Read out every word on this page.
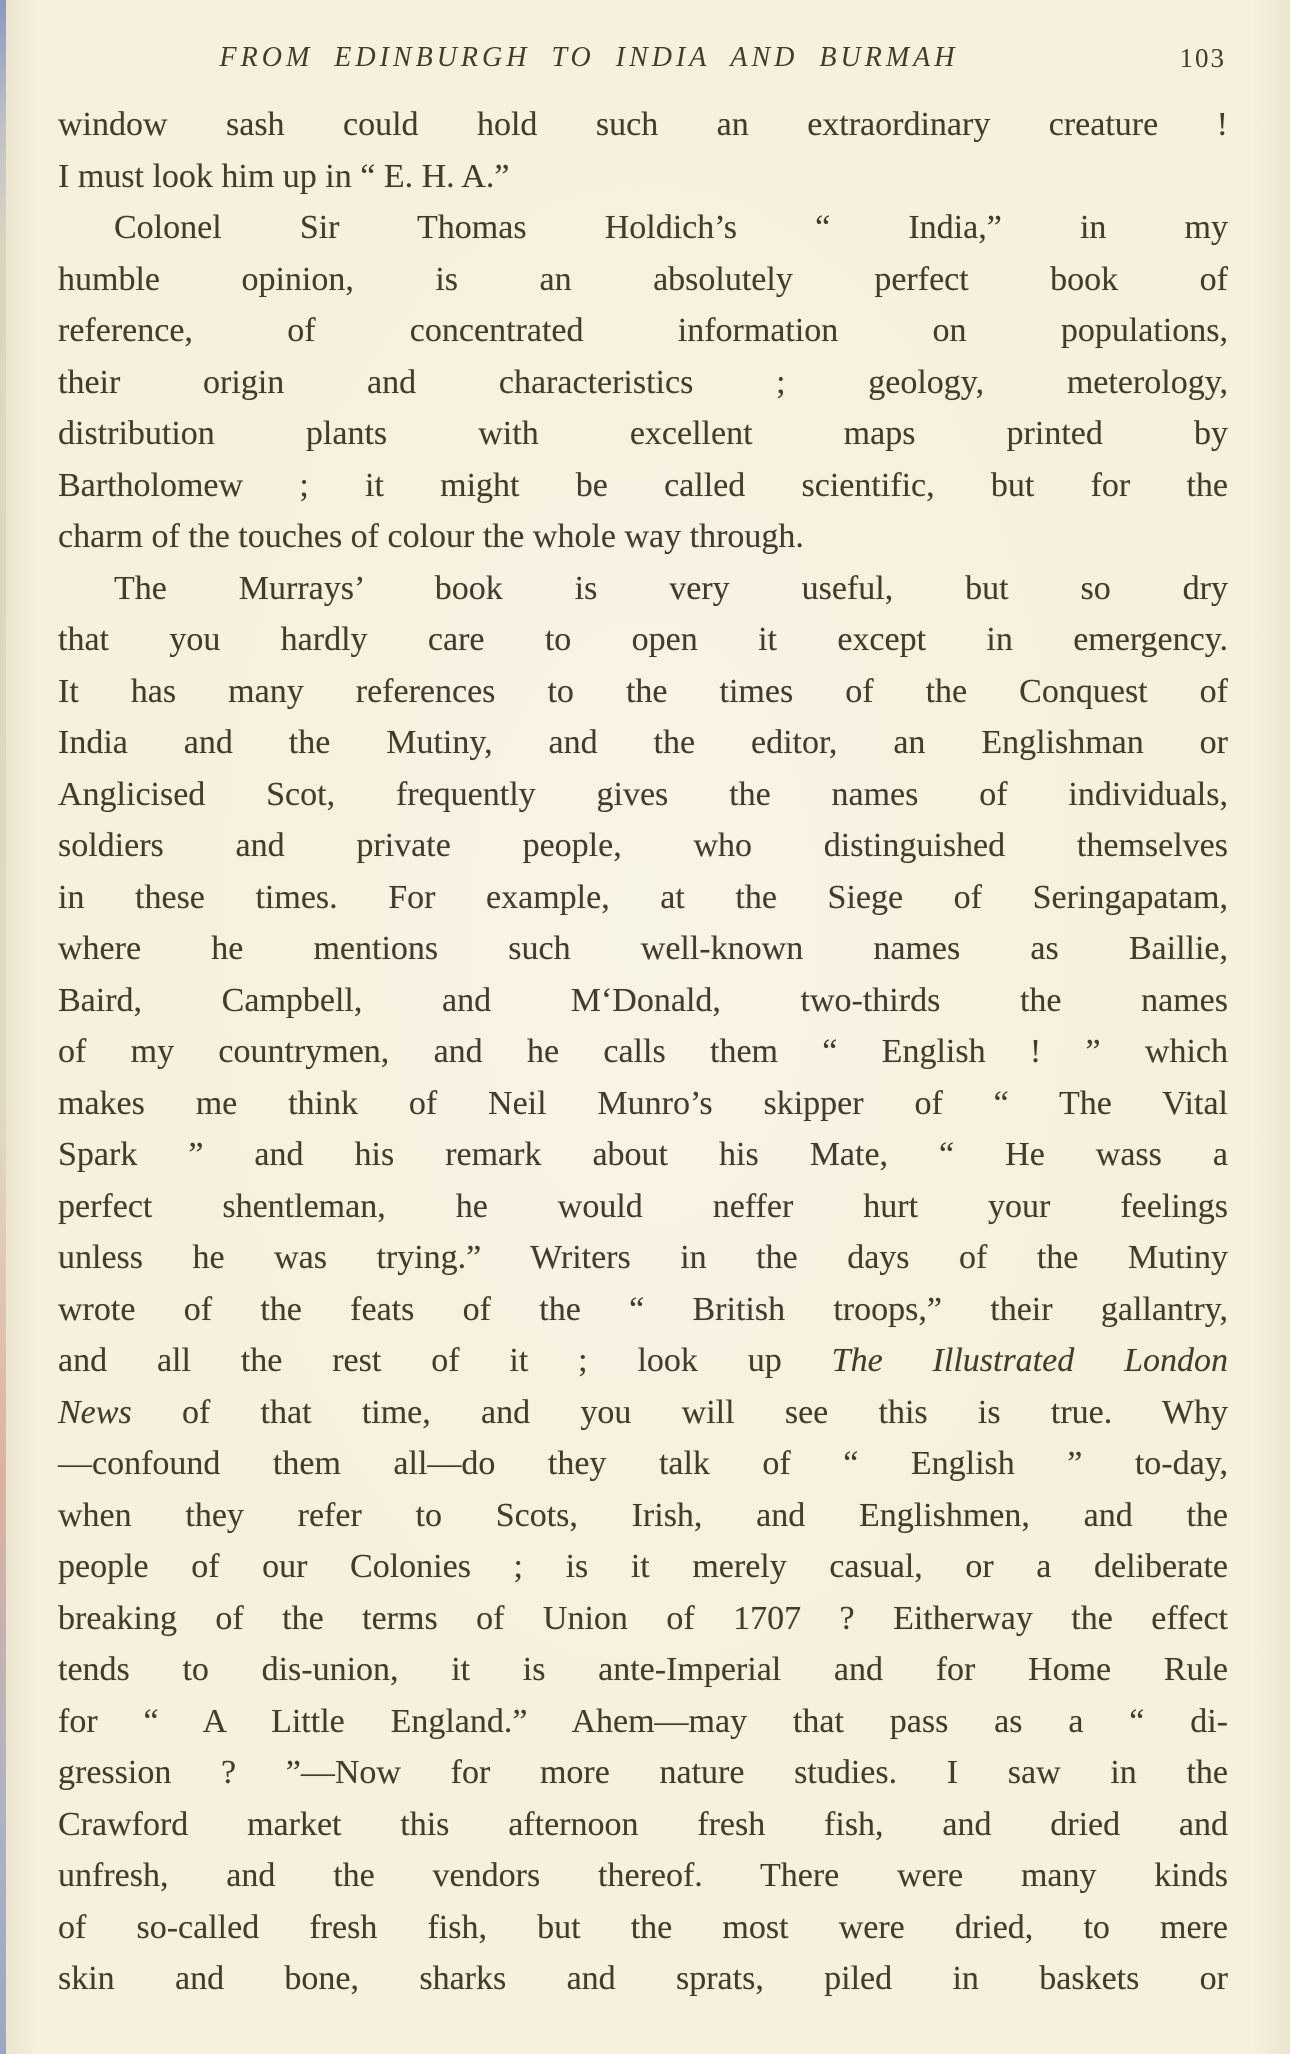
FROM EDINBURGH TO INDIA AND BURMAH	103
window sash could hold such an extraordinary creature !
I must look him up in “ E. H. A.”
Colonel Sir Thomas Holdich’s “ India,” in my
humble opinion, is an absolutely perfect book of
reference, of concentrated information on populations,
their origin and characteristics ; geology, meterology,
distribution plants with excellent maps printed by
Bartholomew ; it might be called scientific, but for the
charm of the touches of colour the whole way through.
The Murrays’ book is very useful, but so dry
that you hardly care to open it except in emergency.
It has many references to the times of the Conquest of
India and the Mutiny, and the editor, an Englishman or
Anglicised Scot, frequently gives the names of individuals,
soldiers and private people, who distinguished themselves
in these times. For example, at the Siege of Seringapatam,
where he mentions such well-known names as Baillie,
Baird, Campbell, and M‘Donald, two-thirds the names
of my countrymen, and he calls them “ English ! ” which
makes me think of Neil Munro’s skipper of “ The Vital
Spark ” and his remark about his Mate, “ He wass a
perfect shentleman, he would neffer hurt your feelings
unless he was trying.” Writers in the days of the Mutiny
wrote of the feats of the “ British troops,” their gallantry,
and all the rest of it ; look up The Illustrated London
News of that time, and you will see this is true. Why
—confound them all—do they talk of “ English ” to-day,
when they refer to Scots, Irish, and Englishmen, and the
people of our Colonies ; is it merely casual, or a deliberate
breaking of the terms of Union of 1707 ? Eitherway the effect
tends to dis-union, it is ante-Imperial and for Home Rule
for “ A Little England.” Ahem—may that pass as a “ di-
gression ? ”—Now for more nature studies. I saw in the
Crawford market this afternoon fresh fish, and dried and
unfresh, and the vendors thereof. There were many kinds
of so-called fresh fish, but the most were dried, to mere
skin and bone, sharks and sprats, piled in baskets or
